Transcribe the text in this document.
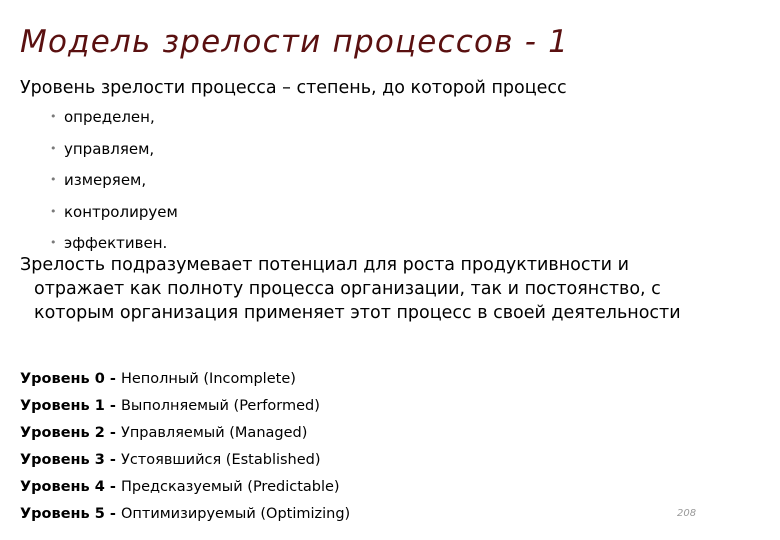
Модель зрелости процессов - 1
Уровень зрелости процесса – степень, до которой процесс
• определен,
• управляем,
• измеряем,
• контролируем
• эффективен.
Зрелость подразумевает потенциал для роста продуктивности и
отражает как полноту процесса организации, так и постоянство, с
которым организация применяет этот процесс в своей деятельности
Уровень 0 - Неполный (Incomplete)
Уровень 1 - Выполняемый (Performed)
Уровень 2 - Управляемый (Managed)
Уровень 3 - Устоявшийся (Established)
Уровень 4 - Предсказуемый (Predictable)
Уровень 5 - Оптимизируемый (Optimizing)	208
